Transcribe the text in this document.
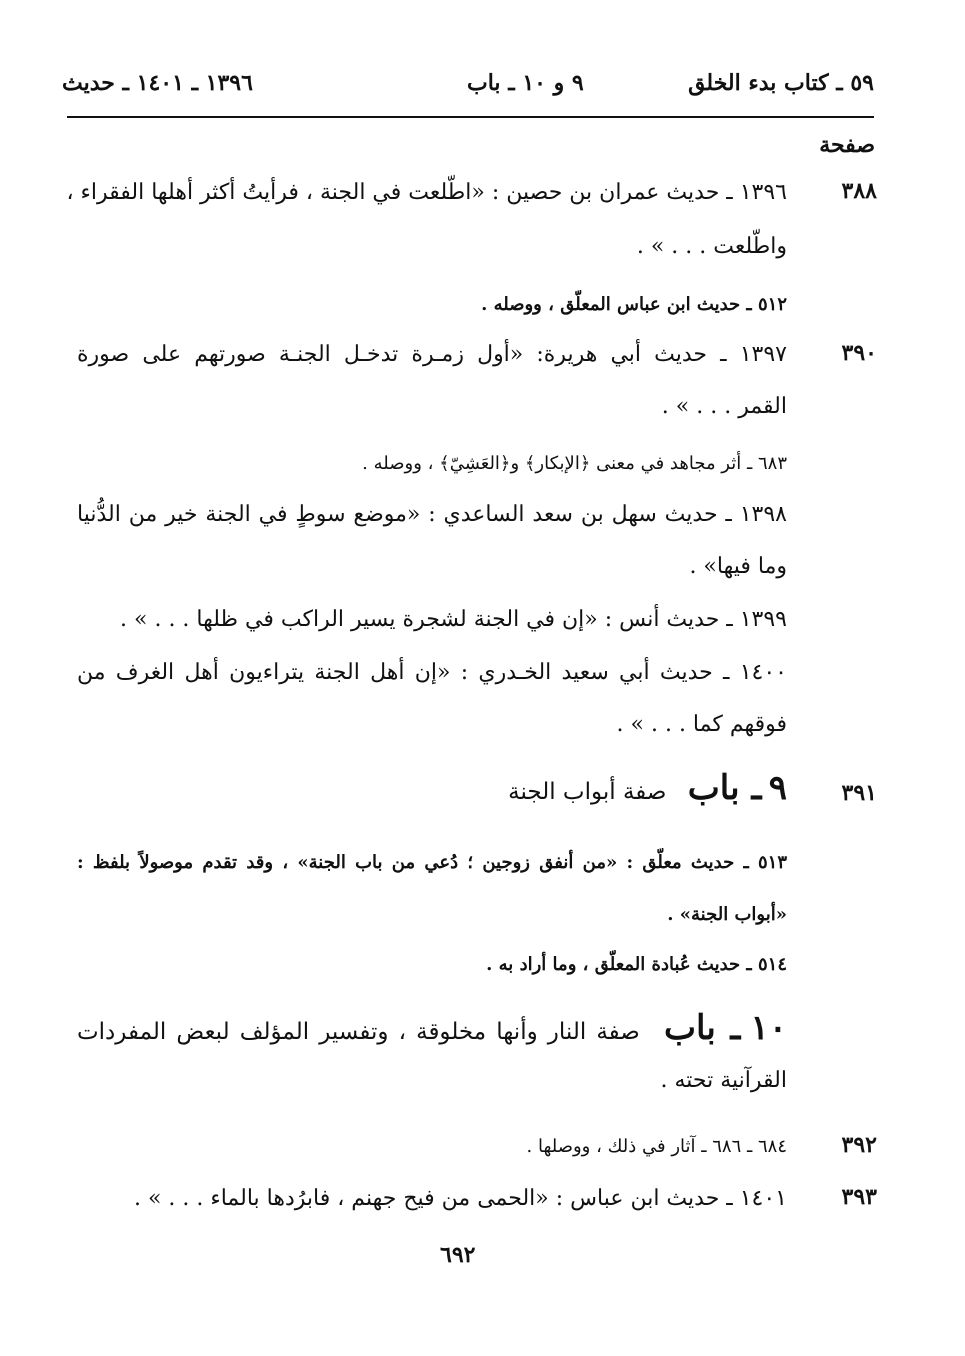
٥٩ ـ كتاب بدء الخلق
٩ و ١٠ ـ باب
١٣٩٦ ـ ١٤٠١ ـ حديث
صفحة
٣٨٨
١٣٩٦ ـ حديث عمران بن حصين : «اطّلعت في الجنة ، فرأيتُ أكثر أهلها الفقراء ،
واطّلعت . . . » .
٥١٢ ـ حديث ابن عباس المعلّق ، ووصله .
٣٩٠
١٣٩٧ ـ حديث أبي هريرة: «أول زمـرة تدخـل الجنـة صورتهم على صورة
القمر . . . » .
٦٨٣ ـ أثر مجاهد في معنى ﴿الإبكار﴾ و﴿العَشِيّ﴾ ، ووصله .
١٣٩٨ ـ حديث سهل بن سعد الساعدي : «موضع سوطٍ في الجنة خير من الدُّنيا
وما فيها» .
١٣٩٩ ـ حديث أنس : «إن في الجنة لشجرة يسير الراكب في ظلها . . . » .
١٤٠٠ ـ حديث أبي سعيد الخـدري : «إن أهل الجنة يتراءيون أهل الغرف من
فوقهم كما . . . » .
٣٩١
٩ ـ باب صفة أبواب الجنة
٥١٣ ـ حديث معلّق : «من أنفق زوجين ؛ دُعي من باب الجنة» ، وقد تقدم موصولاً بلفظ :
«أبواب الجنة» .
٥١٤ ـ حديث عُبادة المعلّق ، وما أراد به .
١٠ ـ باب صفة النار وأنها مخلوقة ، وتفسير المؤلف لبعض المفردات
القرآنية تحته .
٣٩٢
٦٨٤ ـ ٦٨٦ ـ آثار في ذلك ، ووصلها .
٣٩٣
١٤٠١ ـ حديث ابن عباس : «الحمى من فيح جهنم ، فابرُدها بالماء . . . » .
٦٩٢
